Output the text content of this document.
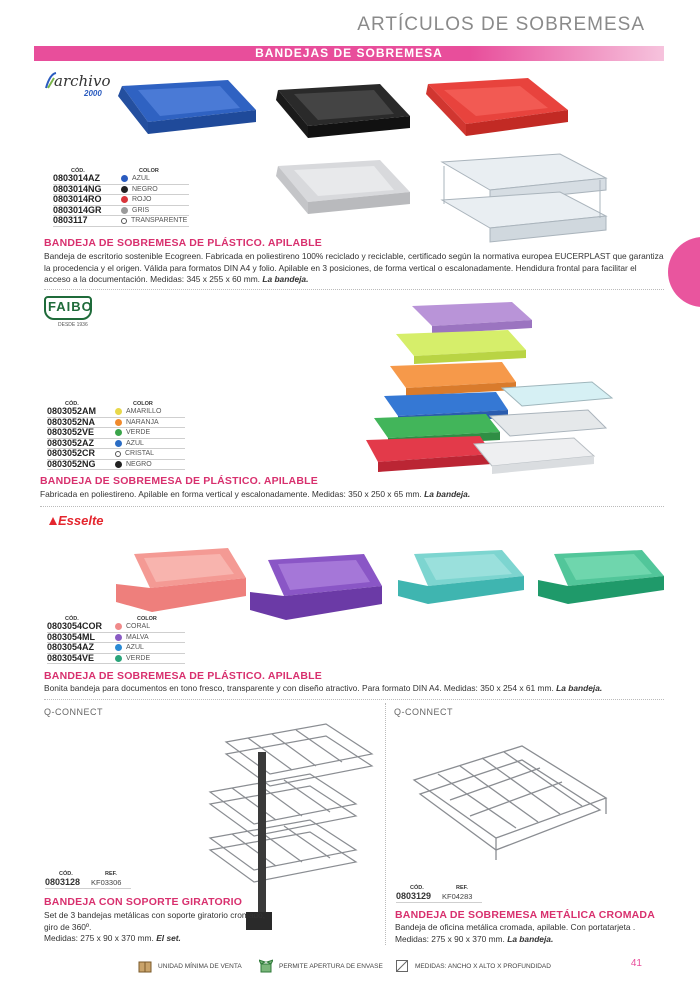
ARTÍCULOS DE SOBREMESA
BANDEJAS DE SOBREMESA
archivo
2000
CÓD.	COLOR
0803014AZ	AZUL
0803014NG	NEGRO
0803014RO	ROJO
0803014GR	GRIS
0803117	TRANSPARENTE
BANDEJA DE SOBREMESA DE PLÁSTICO. APILABLE
Bandeja de escritorio sostenible Ecogreen. Fabricada en poliestireno 100% reciclado y reciclable, certificado según la normativa europea EUCERPLAST que garantiza la procedencia y el origen. Válida para formatos DIN A4 y folio. Apilable en 3 posiciones, de forma vertical o escalonadamente. Hendidura frontal para facilitar el acceso a la documentación. Medidas: 345 x 255 x 60 mm. La bandeja.
FAIBO
DESDE 1936
CÓD.	COLOR
0803052AM	AMARILLO
0803052NA	NARANJA
0803052VE	VERDE
0803052AZ	AZUL
0803052CR	CRISTAL
0803052NG	NEGRO
BANDEJA DE SOBREMESA DE PLÁSTICO. APILABLE
Fabricada en poliestireno. Apilable en forma vertical y escalonadamente. Medidas: 350 x 250 x 65 mm. La bandeja.
Esselte
CÓD.	COLOR
0803054COR	CORAL
0803054ML	MALVA
0803054AZ	AZUL
0803054VE	VERDE
BANDEJA DE SOBREMESA DE PLÁSTICO. APILABLE
Bonita bandeja para documentos en tono fresco, transparente y con diseño atractivo. Para formato DIN A4. Medidas: 350 x 254 x 61 mm. La bandeja.
Q-CONNECT
CÓD.	REF.
0803128	KF03306
BANDEJA CON SOPORTE GIRATORIO
Set de 3 bandejas metálicas con soporte giratorio cromado, giro de 360º.
Medidas: 275 x 90 x 370 mm. El set.
Q-CONNECT
CÓD.	REF.
0803129	KF04283
BANDEJA DE SOBREMESA METÁLICA CROMADA
Bandeja de oficina metálica cromada, apilable. Con portatarjeta .
Medidas: 275 x 90 x 370 mm. La bandeja.
UNIDAD MÍNIMA DE VENTA	PERMITE APERTURA DE ENVASE	MEDIDAS: ANCHO X ALTO X PROFUNDIDAD	41
